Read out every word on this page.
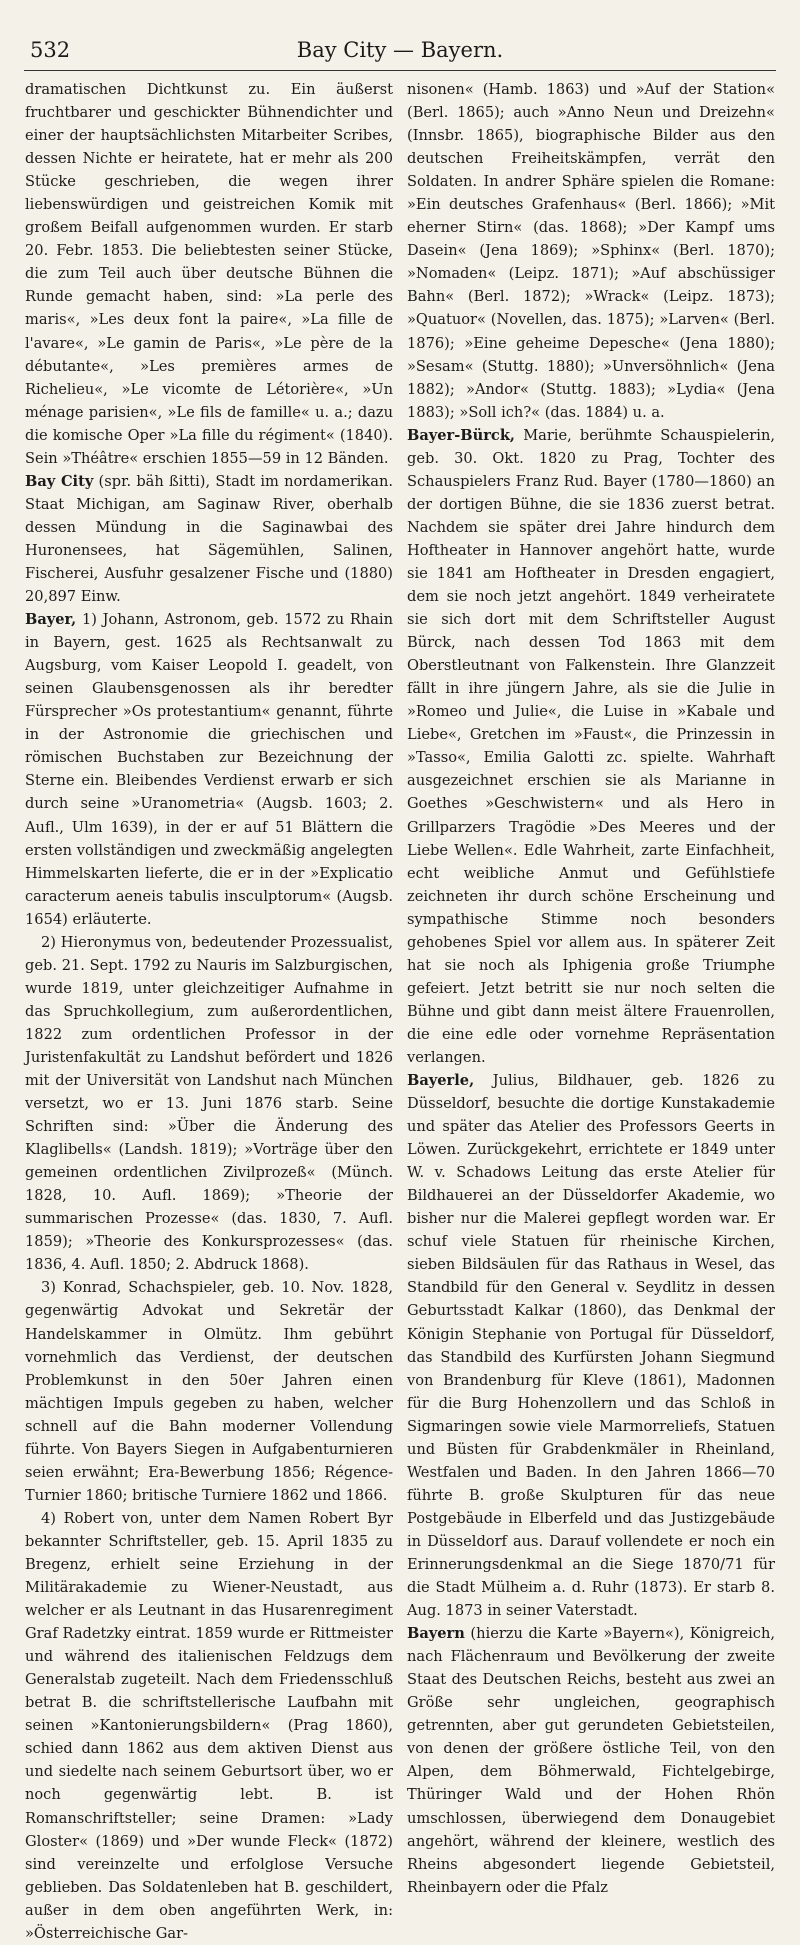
532	Bay City — Bayern.

dramatischen Dichtkunst zu. Ein äußerst fruchtbarer und geschickter Bühnendichter und einer der hauptsächlichsten Mitarbeiter Scribes, dessen Nichte er heiratete, hat er mehr als 200 Stücke geschrieben, die wegen ihrer liebenswürdigen und geistreichen Komik mit großem Beifall aufgenommen wurden. Er starb 20. Febr. 1853. Die beliebtesten seiner Stücke, die zum Teil auch über deutsche Bühnen die Runde gemacht haben, sind: »La perle des maris«, »Les deux font la paire«, »La fille de l'avare«, »Le gamin de Paris«, »Le père de la débutante«, »Les premières armes de Richelieu«, »Le vicomte de Létorière«, »Un ménage parisien«, »Le fils de famille« u. a.; dazu die komische Oper »La fille du régiment« (1840). Sein »Théâtre« erschien 1855—59 in 12 Bänden.

Bay City (spr. bäh ßitti), Stadt im nordamerikan. Staat Michigan, am Saginaw River, oberhalb dessen Mündung in die Saginawbai des Huronensees, hat Sägemühlen, Salinen, Fischerei, Ausfuhr gesalzener Fische und (1880) 20,897 Einw.

Bayer, 1) Johann, Astronom, geb. 1572 zu Rhain in Bayern, gest. 1625 als Rechtsanwalt zu Augsburg, vom Kaiser Leopold I. geadelt, von seinen Glaubensgenossen als ihr beredter Fürsprecher »Os protestantium« genannt, führte in der Astronomie die griechischen und römischen Buchstaben zur Bezeichnung der Sterne ein. Bleibendes Verdienst erwarb er sich durch seine »Uranometria« (Augsb. 1603; 2. Aufl., Ulm 1639), in der er auf 51 Blättern die ersten vollständigen und zweckmäßig angelegten Himmelskarten lieferte, die er in der »Explicatio caracterum aeneis tabulis insculptorum« (Augsb. 1654) erläuterte.

2) Hieronymus von, bedeutender Prozessualist, geb. 21. Sept. 1792 zu Nauris im Salzburgischen, wurde 1819, unter gleichzeitiger Aufnahme in das Spruchkollegium, zum außerordentlichen, 1822 zum ordentlichen Professor in der Juristenfakultät zu Landshut befördert und 1826 mit der Universität von Landshut nach München versetzt, wo er 13. Juni 1876 starb. Seine Schriften sind: »Über die Änderung des Klaglibells« (Landsh. 1819); »Vorträge über den gemeinen ordentlichen Zivilprozeß« (Münch. 1828, 10. Aufl. 1869); »Theorie der summarischen Prozesse« (das. 1830, 7. Aufl. 1859); »Theorie des Konkursprozesses« (das. 1836, 4. Aufl. 1850; 2. Abdruck 1868).

3) Konrad, Schachspieler, geb. 10. Nov. 1828, gegenwärtig Advokat und Sekretär der Handelskammer in Olmütz. Ihm gebührt vornehmlich das Verdienst, der deutschen Problemkunst in den 50er Jahren einen mächtigen Impuls gegeben zu haben, welcher schnell auf die Bahn moderner Vollendung führte. Von Bayers Siegen in Aufgabenturnieren seien erwähnt; Era-Bewerbung 1856; Régence-Turnier 1860; britische Turniere 1862 und 1866.

4) Robert von, unter dem Namen Robert Byr bekannter Schriftsteller, geb. 15. April 1835 zu Bregenz, erhielt seine Erziehung in der Militärakademie zu Wiener-Neustadt, aus welcher er als Leutnant in das Husarenregiment Graf Radetzky eintrat. 1859 wurde er Rittmeister und während des italienischen Feldzugs dem Generalstab zugeteilt. Nach dem Friedensschluß betrat B. die schriftstellerische Laufbahn mit seinen »Kantonierungsbildern« (Prag 1860), schied dann 1862 aus dem aktiven Dienst aus und siedelte nach seinem Geburtsort über, wo er noch gegenwärtig lebt. B. ist Romanschriftsteller; seine Dramen: »Lady Gloster« (1869) und »Der wunde Fleck« (1872) sind vereinzelte und erfolglose Versuche geblieben. Das Soldatenleben hat B. geschildert, außer in dem oben angeführten Werk, in: »Österreichische Gar-

nisonen« (Hamb. 1863) und »Auf der Station« (Berl. 1865); auch »Anno Neun und Dreizehn« (Innsbr. 1865), biographische Bilder aus den deutschen Freiheitskämpfen, verrät den Soldaten. In andrer Sphäre spielen die Romane: »Ein deutsches Grafenhaus« (Berl. 1866); »Mit eherner Stirn« (das. 1868); »Der Kampf ums Dasein« (Jena 1869); »Sphinx« (Berl. 1870); »Nomaden« (Leipz. 1871); »Auf abschüssiger Bahn« (Berl. 1872); »Wrack« (Leipz. 1873); »Quatuor« (Novellen, das. 1875); »Larven« (Berl. 1876); »Eine geheime Depesche« (Jena 1880); »Sesam« (Stuttg. 1880); »Unversöhnlich« (Jena 1882); »Andor« (Stuttg. 1883); »Lydia« (Jena 1883); »Soll ich?« (das. 1884) u. a.

Bayer-Bürck, Marie, berühmte Schauspielerin, geb. 30. Okt. 1820 zu Prag, Tochter des Schauspielers Franz Rud. Bayer (1780—1860) an der dortigen Bühne, die sie 1836 zuerst betrat. Nachdem sie später drei Jahre hindurch dem Hoftheater in Hannover angehört hatte, wurde sie 1841 am Hoftheater in Dresden engagiert, dem sie noch jetzt angehört. 1849 verheiratete sie sich dort mit dem Schriftsteller August Bürck, nach dessen Tod 1863 mit dem Oberstleutnant von Falkenstein. Ihre Glanzzeit fällt in ihre jüngern Jahre, als sie die Julie in »Romeo und Julie«, die Luise in »Kabale und Liebe«, Gretchen im »Faust«, die Prinzessin in »Tasso«, Emilia Galotti zc. spielte. Wahrhaft ausgezeichnet erschien sie als Marianne in Goethes »Geschwistern« und als Hero in Grillparzers Tragödie »Des Meeres und der Liebe Wellen«. Edle Wahrheit, zarte Einfachheit, echt weibliche Anmut und Gefühlstiefe zeichneten ihr durch schöne Erscheinung und sympathische Stimme noch besonders gehobenes Spiel vor allem aus. In späterer Zeit hat sie noch als Iphigenia große Triumphe gefeiert. Jetzt betritt sie nur noch selten die Bühne und gibt dann meist ältere Frauenrollen, die eine edle oder vornehme Repräsentation verlangen.

Bayerle, Julius, Bildhauer, geb. 1826 zu Düsseldorf, besuchte die dortige Kunstakademie und später das Atelier des Professors Geerts in Löwen. Zurückgekehrt, errichtete er 1849 unter W. v. Schadows Leitung das erste Atelier für Bildhauerei an der Düsseldorfer Akademie, wo bisher nur die Malerei gepflegt worden war. Er schuf viele Statuen für rheinische Kirchen, sieben Bildsäulen für das Rathaus in Wesel, das Standbild für den General v. Seydlitz in dessen Geburtsstadt Kalkar (1860), das Denkmal der Königin Stephanie von Portugal für Düsseldorf, das Standbild des Kurfürsten Johann Siegmund von Brandenburg für Kleve (1861), Madonnen für die Burg Hohenzollern und das Schloß in Sigmaringen sowie viele Marmorreliefs, Statuen und Büsten für Grabdenkmäler in Rheinland, Westfalen und Baden. In den Jahren 1866—70 führte B. große Skulpturen für das neue Postgebäude in Elberfeld und das Justizgebäude in Düsseldorf aus. Darauf vollendete er noch ein Erinnerungsdenkmal an die Siege 1870/71 für die Stadt Mülheim a. d. Ruhr (1873). Er starb 8. Aug. 1873 in seiner Vaterstadt.

Bayern (hierzu die Karte »Bayern«), Königreich, nach Flächenraum und Bevölkerung der zweite Staat des Deutschen Reichs, besteht aus zwei an Größe sehr ungleichen, geographisch getrennten, aber gut gerundeten Gebietsteilen, von denen der größere östliche Teil, von den Alpen, dem Böhmerwald, Fichtelgebirge, Thüringer Wald und der Hohen Rhön umschlossen, überwiegend dem Donaugebiet angehört, während der kleinere, westlich des Rheins abgesondert liegende Gebietsteil, Rheinbayern oder die Pfalz
